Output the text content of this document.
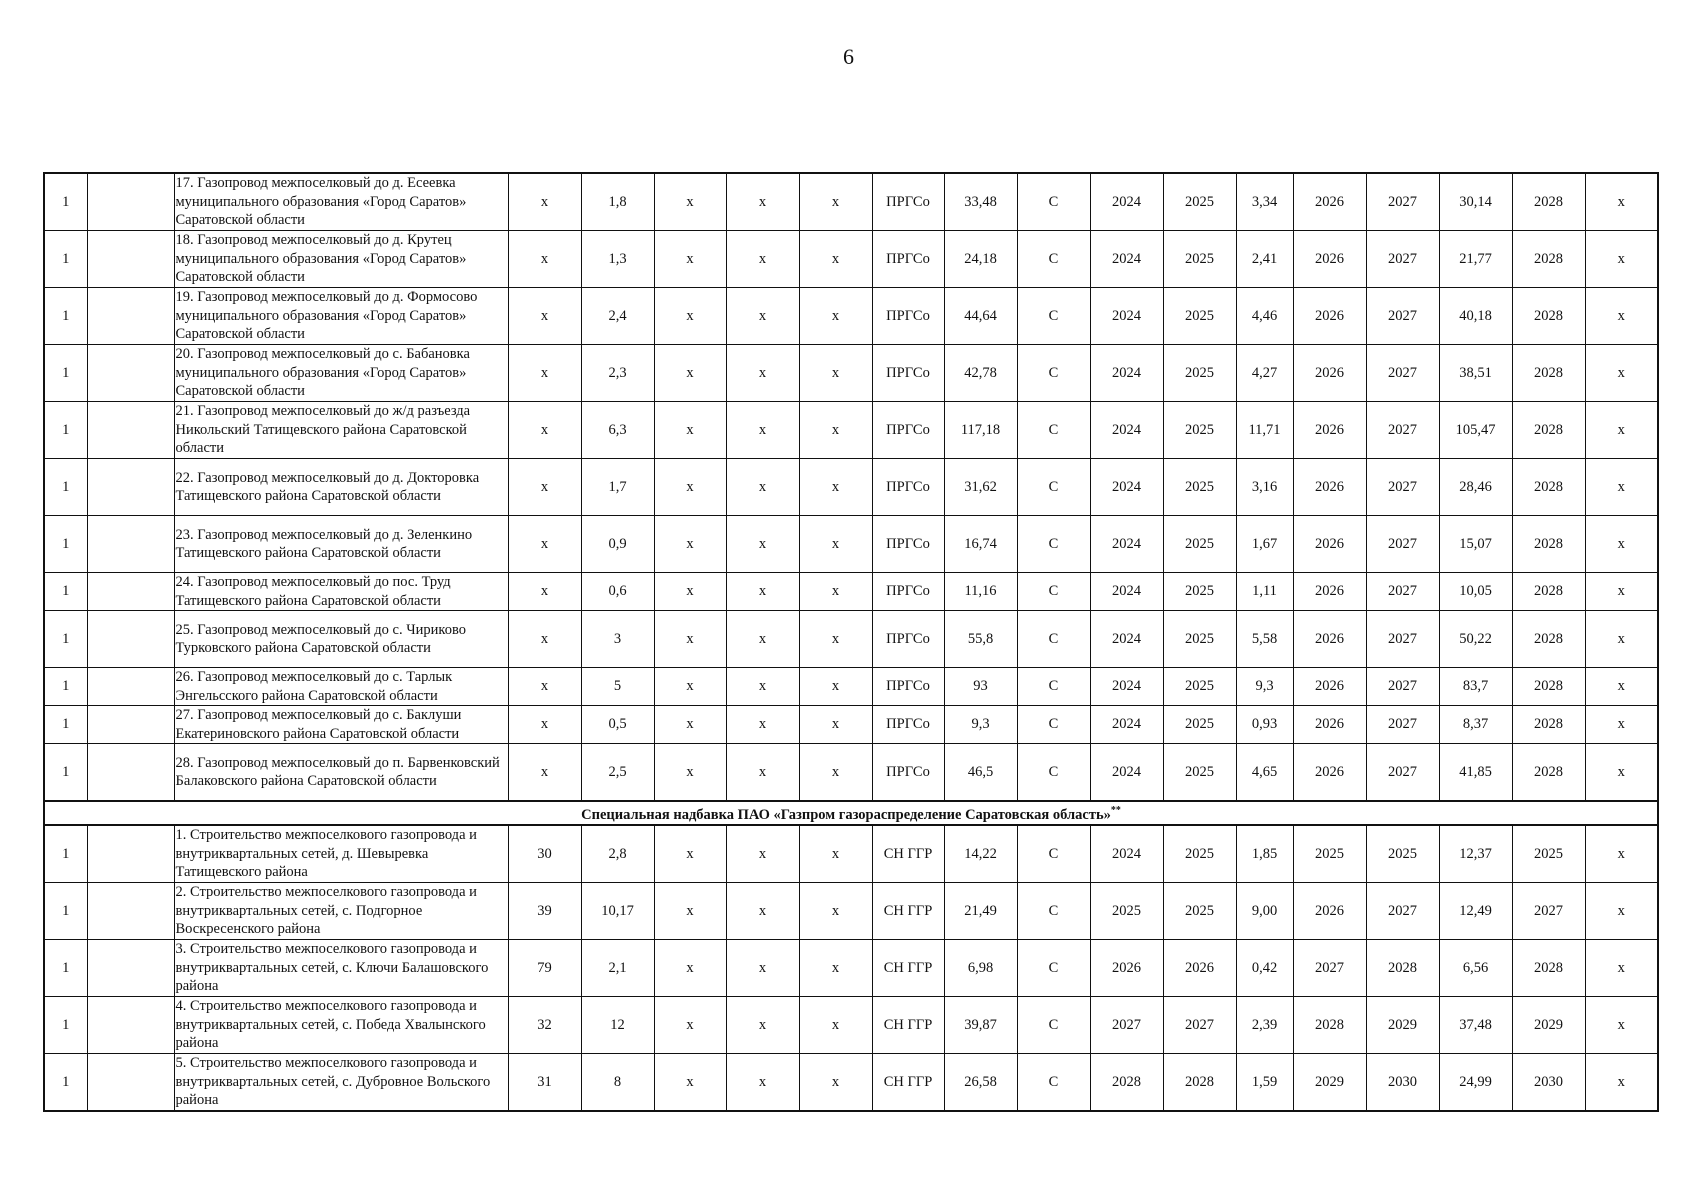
6
1		17. Газопровод межпоселковый до д. Есеевка муниципального образования «Город Саратов» Саратовской области	х	1,8	х	х	х	ПРГСо	33,48	С	2024	2025	3,34	2026	2027	30,14	2028	х
1		18. Газопровод межпоселковый до д. Крутец муниципального образования «Город Саратов» Саратовской области	х	1,3	х	х	х	ПРГСо	24,18	С	2024	2025	2,41	2026	2027	21,77	2028	х
1		19. Газопровод межпоселковый до д. Формосово муниципального образования «Город Саратов» Саратовской области	х	2,4	х	х	х	ПРГСо	44,64	С	2024	2025	4,46	2026	2027	40,18	2028	х
1		20. Газопровод межпоселковый до с. Бабановка муниципального образования «Город Саратов» Саратовской области	х	2,3	х	х	х	ПРГСо	42,78	С	2024	2025	4,27	2026	2027	38,51	2028	х
1		21. Газопровод межпоселковый до ж/д разъезда Никольский Татищевского района Саратовской области	х	6,3	х	х	х	ПРГСо	117,18	С	2024	2025	11,71	2026	2027	105,47	2028	х
1		22. Газопровод межпоселковый до д. Докторовка Татищевского района Саратовской области	х	1,7	х	х	х	ПРГСо	31,62	С	2024	2025	3,16	2026	2027	28,46	2028	х
1		23. Газопровод межпоселковый до д. Зеленкино Татищевского района Саратовской области	х	0,9	х	х	х	ПРГСо	16,74	С	2024	2025	1,67	2026	2027	15,07	2028	х
1		24. Газопровод межпоселковый до пос. Труд Татищевского района Саратовской области	х	0,6	х	х	х	ПРГСо	11,16	С	2024	2025	1,11	2026	2027	10,05	2028	х
1		25. Газопровод межпоселковый до с. Чириково Турковского района Саратовской области	х	3	х	х	х	ПРГСо	55,8	С	2024	2025	5,58	2026	2027	50,22	2028	х
1		26. Газопровод межпоселковый до с. Тарлык Энгельсского района Саратовской области	х	5	х	х	х	ПРГСо	93	С	2024	2025	9,3	2026	2027	83,7	2028	х
1		27. Газопровод межпоселковый до с. Баклуши Екатериновского района Саратовской области	х	0,5	х	х	х	ПРГСо	9,3	С	2024	2025	0,93	2026	2027	8,37	2028	х
1		28. Газопровод межпоселковый до п. Барвенковский Балаковского района Саратовской области	х	2,5	х	х	х	ПРГСо	46,5	С	2024	2025	4,65	2026	2027	41,85	2028	х
Специальная надбавка ПАО «Газпром газораспределение Саратовская область»**
1		1. Строительство межпоселкового газопровода и внутриквартальных сетей, д. Шевыревка Татищевского района	30	2,8	х	х	х	СН ГГР	14,22	С	2024	2025	1,85	2025	2025	12,37	2025	х
1		2. Строительство межпоселкового газопровода и внутриквартальных сетей, с. Подгорное Воскресенского района	39	10,17	х	х	х	СН ГГР	21,49	С	2025	2025	9,00	2026	2027	12,49	2027	х
1		3. Строительство межпоселкового газопровода и внутриквартальных сетей, с. Ключи Балашовского района	79	2,1	х	х	х	СН ГГР	6,98	С	2026	2026	0,42	2027	2028	6,56	2028	х
1		4. Строительство межпоселкового газопровода и внутриквартальных сетей, с. Победа Хвалынского района	32	12	х	х	х	СН ГГР	39,87	С	2027	2027	2,39	2028	2029	37,48	2029	х
1		5. Строительство межпоселкового газопровода и внутриквартальных сетей, с. Дубровное Вольского района	31	8	х	х	х	СН ГГР	26,58	С	2028	2028	1,59	2029	2030	24,99	2030	х
